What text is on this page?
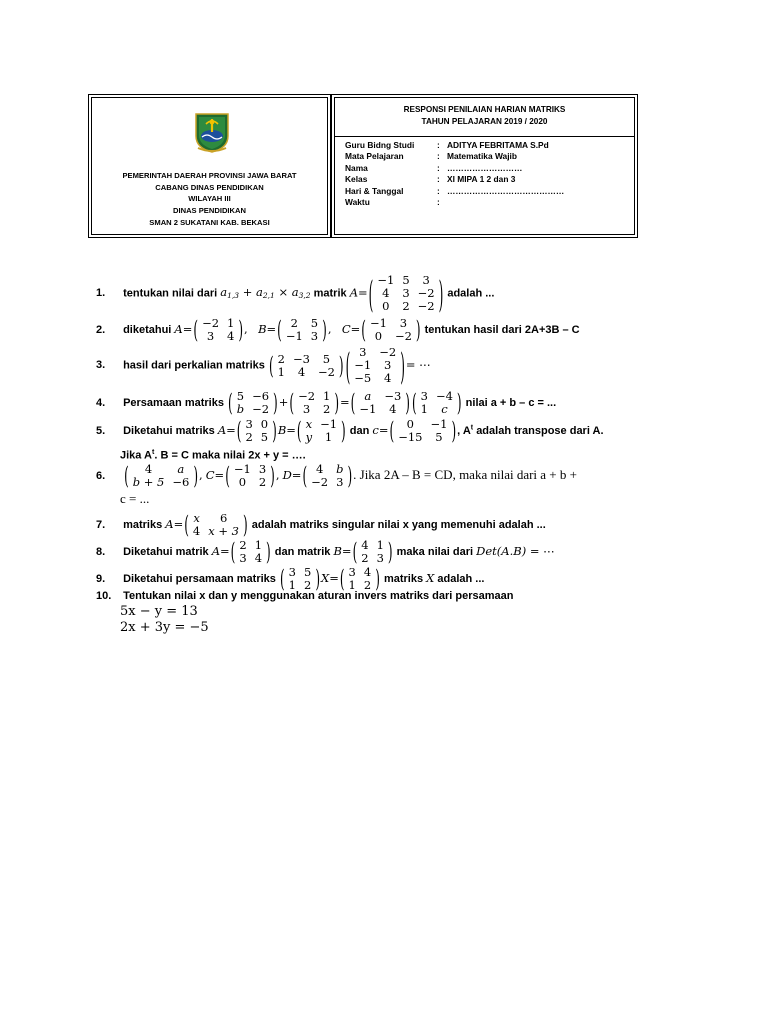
PEMERINTAH DAERAH PROVINSI JAWA BARAT
CABANG DINAS PENDIDIKAN
WILAYAH III
DINAS PENDIDIKAN
SMAN 2 SUKATANI KAB. BEKASI
RESPONSI PENILAIAN HARIAN MATRIKS
TAHUN PELAJARAN 2019 / 2020
Guru Bidng Studi	: ADITYA FEBRITAMA S.Pd
Mata Pelajaran	: Matematika Wajib
Nama	: ………………………
Kelas	: XI MIPA 1 2 dan 3
Hari & Tanggal	: ……………………………………
Waktu	:
1. tentukan nilai dari $a_{1,3} + a_{2,1} \times a_{3,2}$ matrik A= ( −1	5	3
4	3	−2
0	2	−2 ) adalah ...
2. diketahui A= ( −2	1
3	4 ) ,   B= ( 2	5
−1	3 ) ,   C= ( −1	3
0	−2 ) tentukan hasil dari 2A+3B – C
3. hasil dari perkalian matriks ( 2	−3	5
1	4	−2 ) ( 3	−2
−1	3
−5	4 ) = ⋯
4. Persamaan matriks ( 5	−6
b	−2 ) + ( −2	1
3	2 ) = ( a	−3
−1	4 ) ( 3	−4
1	c ) nilai a + b – c = ...
5. Diketahui matriks A= ( 3	0
2	5 ) B= ( x	−1
y	1 ) dan c= ( 0	−1
−15	5 ) , $A^t$ adalah transpose dari A.
Jika $A^t$. B = C maka nilai 2x + y = ….
6. ( 4	a
b + 5	−6 ) , C= ( −1	3
0	2 ) , D= ( 4	b
−2	3 ) . Jika 2A – B = CD, maka nilai dari a + b +
c = ...
7. matriks A= ( x	6
4	x + 3 ) adalah matriks singular nilai x yang memenuhi adalah ...
8. Diketahui matrik A= ( 2	1
3	4 ) dan matrik B= ( 4	1
2	3 ) maka nilai dari Det(A.B) = ⋯
9. Diketahui persamaan matriks ( 3	5
1	2 ) X= ( 3	4
1	2 ) matriks X adalah ...
10. Tentukan nilai x dan y menggunakan aturan invers matriks dari persamaan
5x − y = 13
2x + 3y = −5
